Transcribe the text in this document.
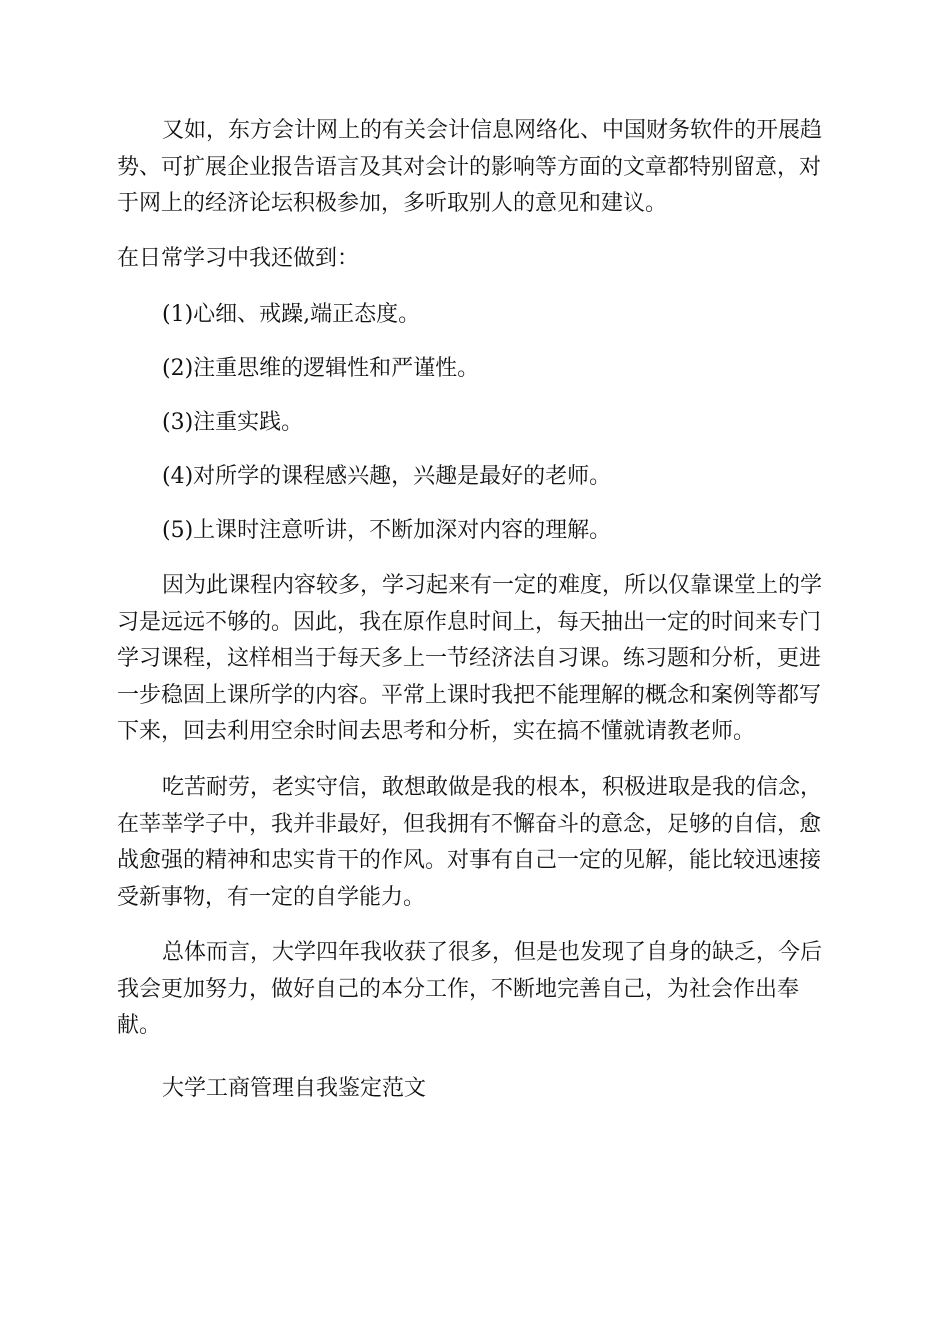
又如，东方会计网上的有关会计信息网络化、中国财务软件的开展趋
势、可扩展企业报告语言及其对会计的影响等方面的文章都特别留意，对
于网上的经济论坛积极参加，多听取别人的意见和建议。

在日常学习中我还做到：

(1)心细、戒躁,端正态度。

(2)注重思维的逻辑性和严谨性。

(3)注重实践。

(4)对所学的课程感兴趣，兴趣是最好的老师。

(5)上课时注意听讲，不断加深对内容的理解。

因为此课程内容较多，学习起来有一定的难度，所以仅靠课堂上的学
习是远远不够的。因此，我在原作息时间上，每天抽出一定的时间来专门
学习课程，这样相当于每天多上一节经济法自习课。练习题和分析，更进
一步稳固上课所学的内容。平常上课时我把不能理解的概念和案例等都写
下来，回去利用空余时间去思考和分析，实在搞不懂就请教老师。

吃苦耐劳，老实守信，敢想敢做是我的根本，积极进取是我的信念，
在莘莘学子中，我并非最好，但我拥有不懈奋斗的意念，足够的自信，愈
战愈强的精神和忠实肯干的作风。对事有自己一定的见解，能比较迅速接
受新事物，有一定的自学能力。

总体而言，大学四年我收获了很多，但是也发现了自身的缺乏，今后
我会更加努力，做好自己的本分工作，不断地完善自己，为社会作出奉
献。

大学工商管理自我鉴定范文
